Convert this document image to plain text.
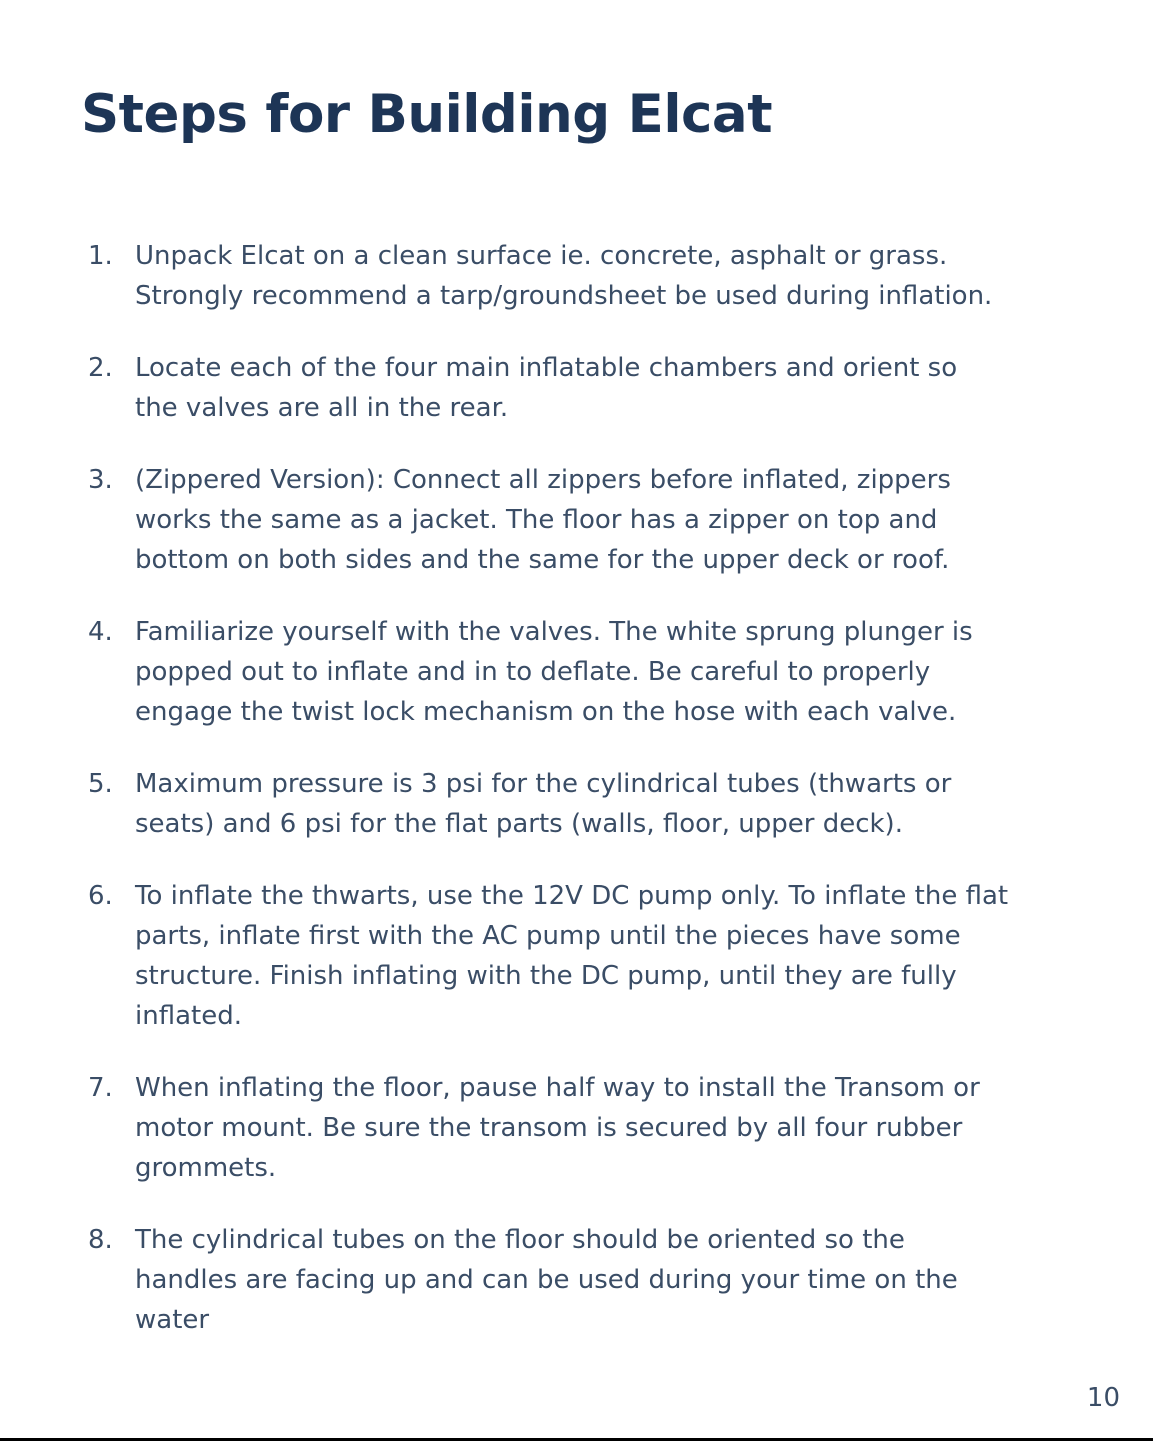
Steps for Building Elcat
1. Unpack Elcat on a clean surface ie. concrete, asphalt or grass.
Strongly recommend a tarp/groundsheet be used during inflation.
2. Locate each of the four main inflatable chambers and orient so
the valves are all in the rear.
3. (Zippered Version): Connect all zippers before inflated, zippers
works the same as a jacket. The floor has a zipper on top and
bottom on both sides and the same for the upper deck or roof.
4. Familiarize yourself with the valves. The white sprung plunger is
popped out to inflate and in to deflate. Be careful to properly
engage the twist lock mechanism on the hose with each valve.
5. Maximum pressure is 3 psi for the cylindrical tubes (thwarts or
seats) and 6 psi for the flat parts (walls, floor, upper deck).
6. To inflate the thwarts, use the 12V DC pump only. To inflate the flat
parts, inflate first with the AC pump until the pieces have some
structure. Finish inflating with the DC pump, until they are fully
inflated.
7. When inflating the floor, pause half way to install the Transom or
motor mount. Be sure the transom is secured by all four rubber
grommets.
8. The cylindrical tubes on the floor should be oriented so the
handles are facing up and can be used during your time on the
water
10
